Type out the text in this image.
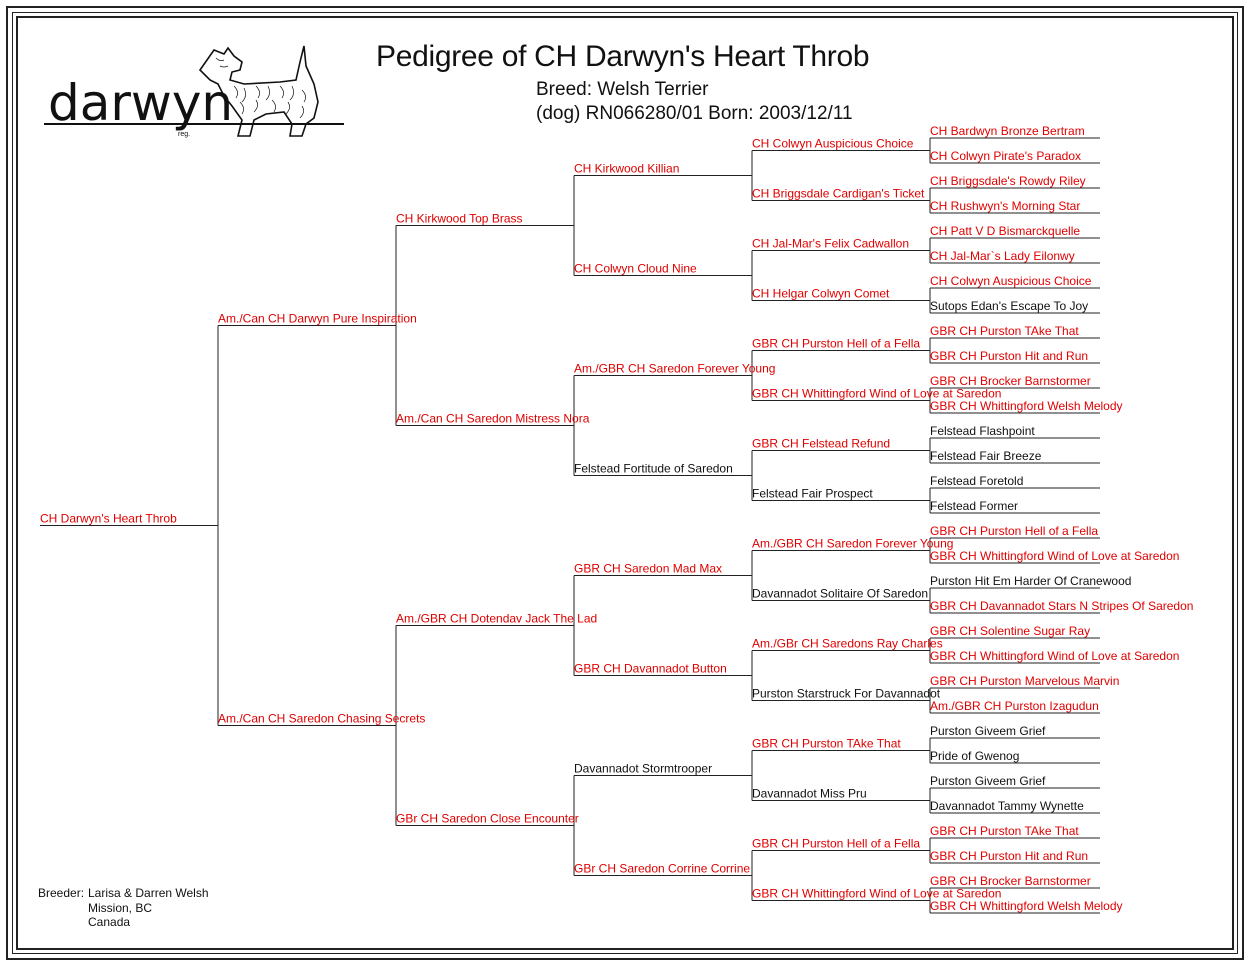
darwyn
reg.
Pedigree of CH Darwyn's Heart Throb
Breed: Welsh Terrier
(dog) RN066280/01 Born: 2003/12/11
CH Darwyn's Heart Throb
Am./Can CH Darwyn Pure Inspiration
Am./Can CH Saredon Chasing Secrets
CH Kirkwood Top Brass
Am./Can CH Saredon Mistress Nora
Am./GBR CH Dotendav Jack The Lad
GBr CH Saredon Close Encounter
CH Kirkwood Killian
CH Colwyn Cloud Nine
Am./GBR CH Saredon Forever Young
Felstead Fortitude of Saredon
GBR CH Saredon Mad Max
GBR CH Davannadot Button
Davannadot Stormtrooper
GBr CH Saredon Corrine Corrine
CH Colwyn Auspicious Choice
CH Briggsdale Cardigan's Ticket
CH Jal-Mar's Felix Cadwallon
CH Helgar Colwyn Comet
GBR CH Purston Hell of a Fella
GBR CH Whittingford Wind of Love at Saredon
GBR CH Felstead Refund
Felstead Fair Prospect
Am./GBR CH Saredon Forever Young
Davannadot Solitaire Of Saredon
Am./GBr CH Saredons Ray Charles
Purston Starstruck For Davannadot
GBR CH Purston TAke That
Davannadot Miss Pru
GBR CH Purston Hell of a Fella
GBR CH Whittingford Wind of Love at Saredon
CH Bardwyn Bronze Bertram
CH Colwyn Pirate's Paradox
CH Briggsdale's Rowdy Riley
CH Rushwyn's Morning Star
CH Patt V D Bismarckquelle
CH Jal-Mar`s Lady Eilonwy
CH Colwyn Auspicious Choice
Sutops Edan's Escape To Joy
GBR CH Purston TAke That
GBR CH Purston Hit and Run
GBR CH Brocker Barnstormer
GBR CH Whittingford Welsh Melody
Felstead Flashpoint
Felstead Fair Breeze
Felstead Foretold
Felstead Former
GBR CH Purston Hell of a Fella
GBR CH Whittingford Wind of Love at Saredon
Purston Hit Em Harder Of Cranewood
GBR CH Davannadot Stars N Stripes Of Saredon
GBR CH Solentine Sugar Ray
GBR CH Whittingford Wind of Love at Saredon
GBR CH Purston Marvelous Marvin
Am./GBR CH Purston Izagudun
Purston Giveem Grief
Pride of Gwenog
Purston Giveem Grief
Davannadot Tammy Wynette
GBR CH Purston TAke That
GBR CH Purston Hit and Run
GBR CH Brocker Barnstormer
GBR CH Whittingford Welsh Melody
Breeder: Larisa & Darren Welsh
Mission, BC
Canada
